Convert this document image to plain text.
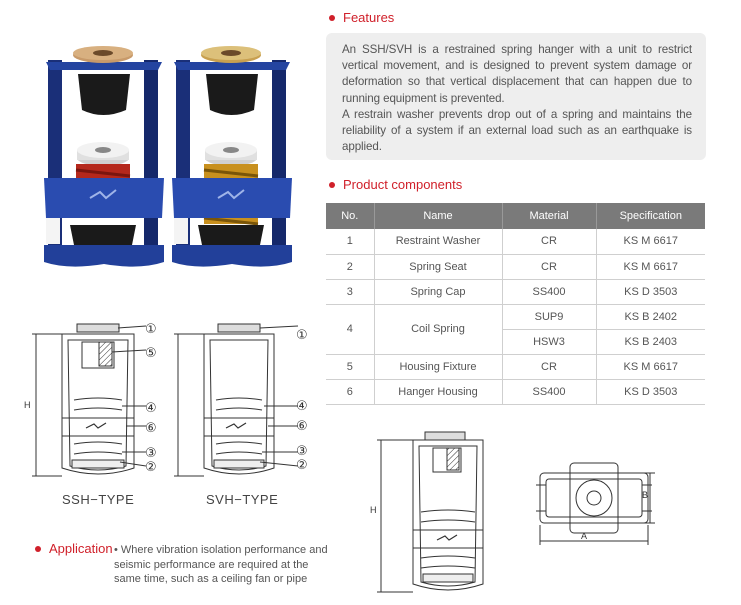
Features

An SSH/SVH is a restrained spring hanger with a unit to restrict vertical movement, and is designed to prevent system damage or deformation so that vertical displacement that can happen due to running equipment is prevented.

A restrain washer prevents drop out of a spring and maintains the reliability of a system if an external load such as an earthquake is applied.

Product components
No.	Name	Material	Specification
1	Restraint Washer	CR	KS M 6617
2	Spring Seat	CR	KS M 6617
3	Spring Cap	SS400	KS D 3503
4	Coil Spring	SUP9	KS B 2402
		HSW3	KS B 2403
5	Housing Fixture	CR	KS M 6617
6	Hanger Housing	SS400	KS D 3503
H
①
⑤
④
⑥
③
②
SSH−TYPE
①
④
⑥
③
②
SVH−TYPE
H
B
A
Application • Where vibration isolation performance and seismic performance are required at the same time, such as a ceiling fan or pipe
